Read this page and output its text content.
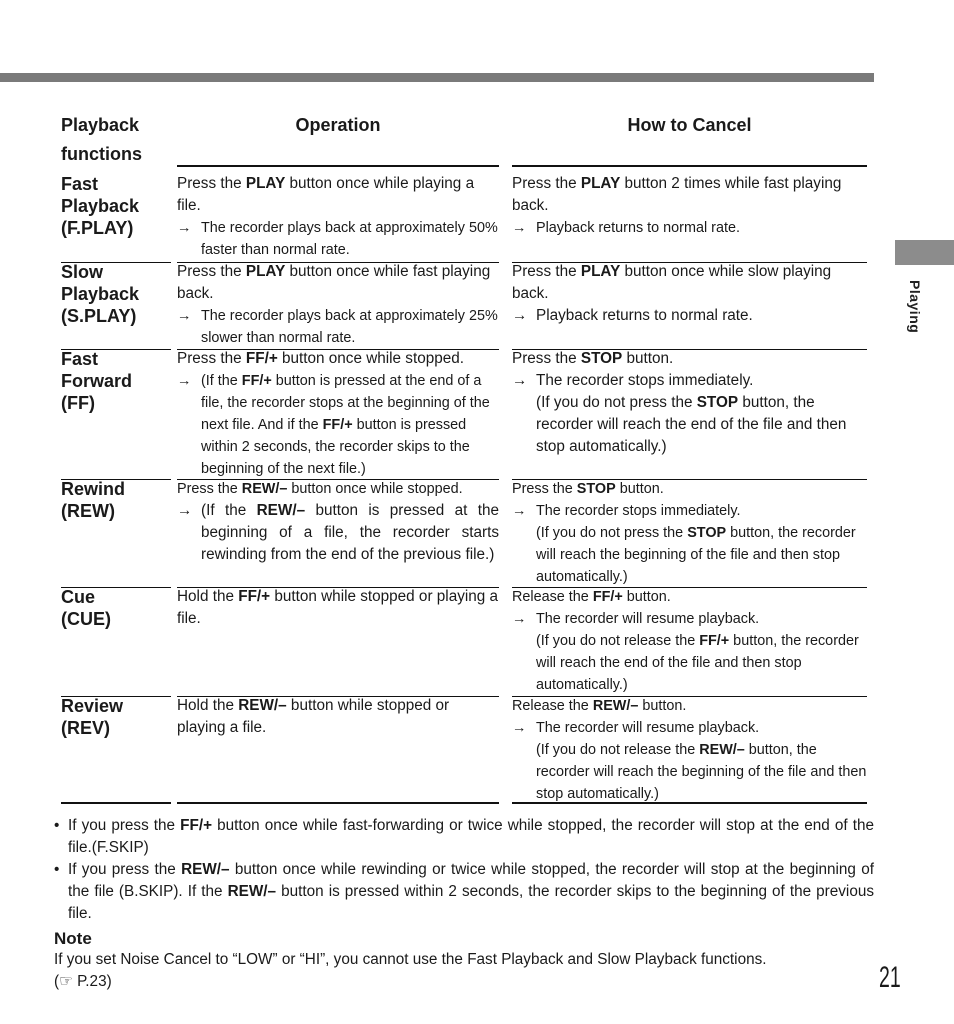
Playing
Playback
functions
Operation	How to Cancel
Fast
Playback
(F.PLAY)
Press the PLAY button once while playing a file.
→ The recorder plays back at approximately 50% faster than normal rate.
Press the PLAY button 2 times while fast playing back.
→ Playback returns to normal rate.
Slow
Playback
(S.PLAY)
Press the PLAY button once while fast playing back.
→ The recorder plays back at approximately 25% slower than normal rate.
Press the PLAY button once while slow playing back.
→ Playback returns to normal rate.
Fast
Forward
(FF)
Press the FF/+ button once while stopped.
→ (If the FF/+ button is pressed at the end of a file, the recorder stops at the beginning of the next file. And if the FF/+ button is pressed within 2 seconds, the recorder skips to the beginning of the next file.)
Press the STOP button.
→ The recorder stops immediately.
(If you do not press the STOP button, the recorder will reach the end of the file and then stop automatically.)
Rewind
(REW)
Press the REW/– button once while stopped.
→ (If the REW/– button is pressed at the beginning of a file, the recorder starts rewinding from the end of the previous file.)
Press the STOP button.
→ The recorder stops immediately.
(If you do not press the STOP button, the recorder will reach the beginning of the file and then stop automatically.)
Cue
(CUE)
Hold the FF/+ button while stopped or playing a file.
Release the FF/+ button.
→ The recorder will resume playback.
(If you do not release the FF/+ button, the recorder will reach the end of the file and then stop automatically.)
Review
(REV)
Hold the REW/– button while stopped or playing a file.
Release the REW/– button.
→ The recorder will resume playback.
(If you do not release the REW/– button, the recorder will reach the beginning of the file and then stop automatically.)
• If you press the FF/+ button once while fast-forwarding or twice while stopped, the recorder will stop at the end of the file.(F.SKIP)
• If you press the REW/– button once while rewinding or twice while stopped, the recorder will stop at the beginning of the file (B.SKIP). If the REW/– button is pressed within 2 seconds, the recorder skips to the beginning of the previous file.
Note
If you set Noise Cancel to “LOW” or “HI”, you cannot use the Fast Playback and Slow Playback functions.
(☞ P.23)	21
